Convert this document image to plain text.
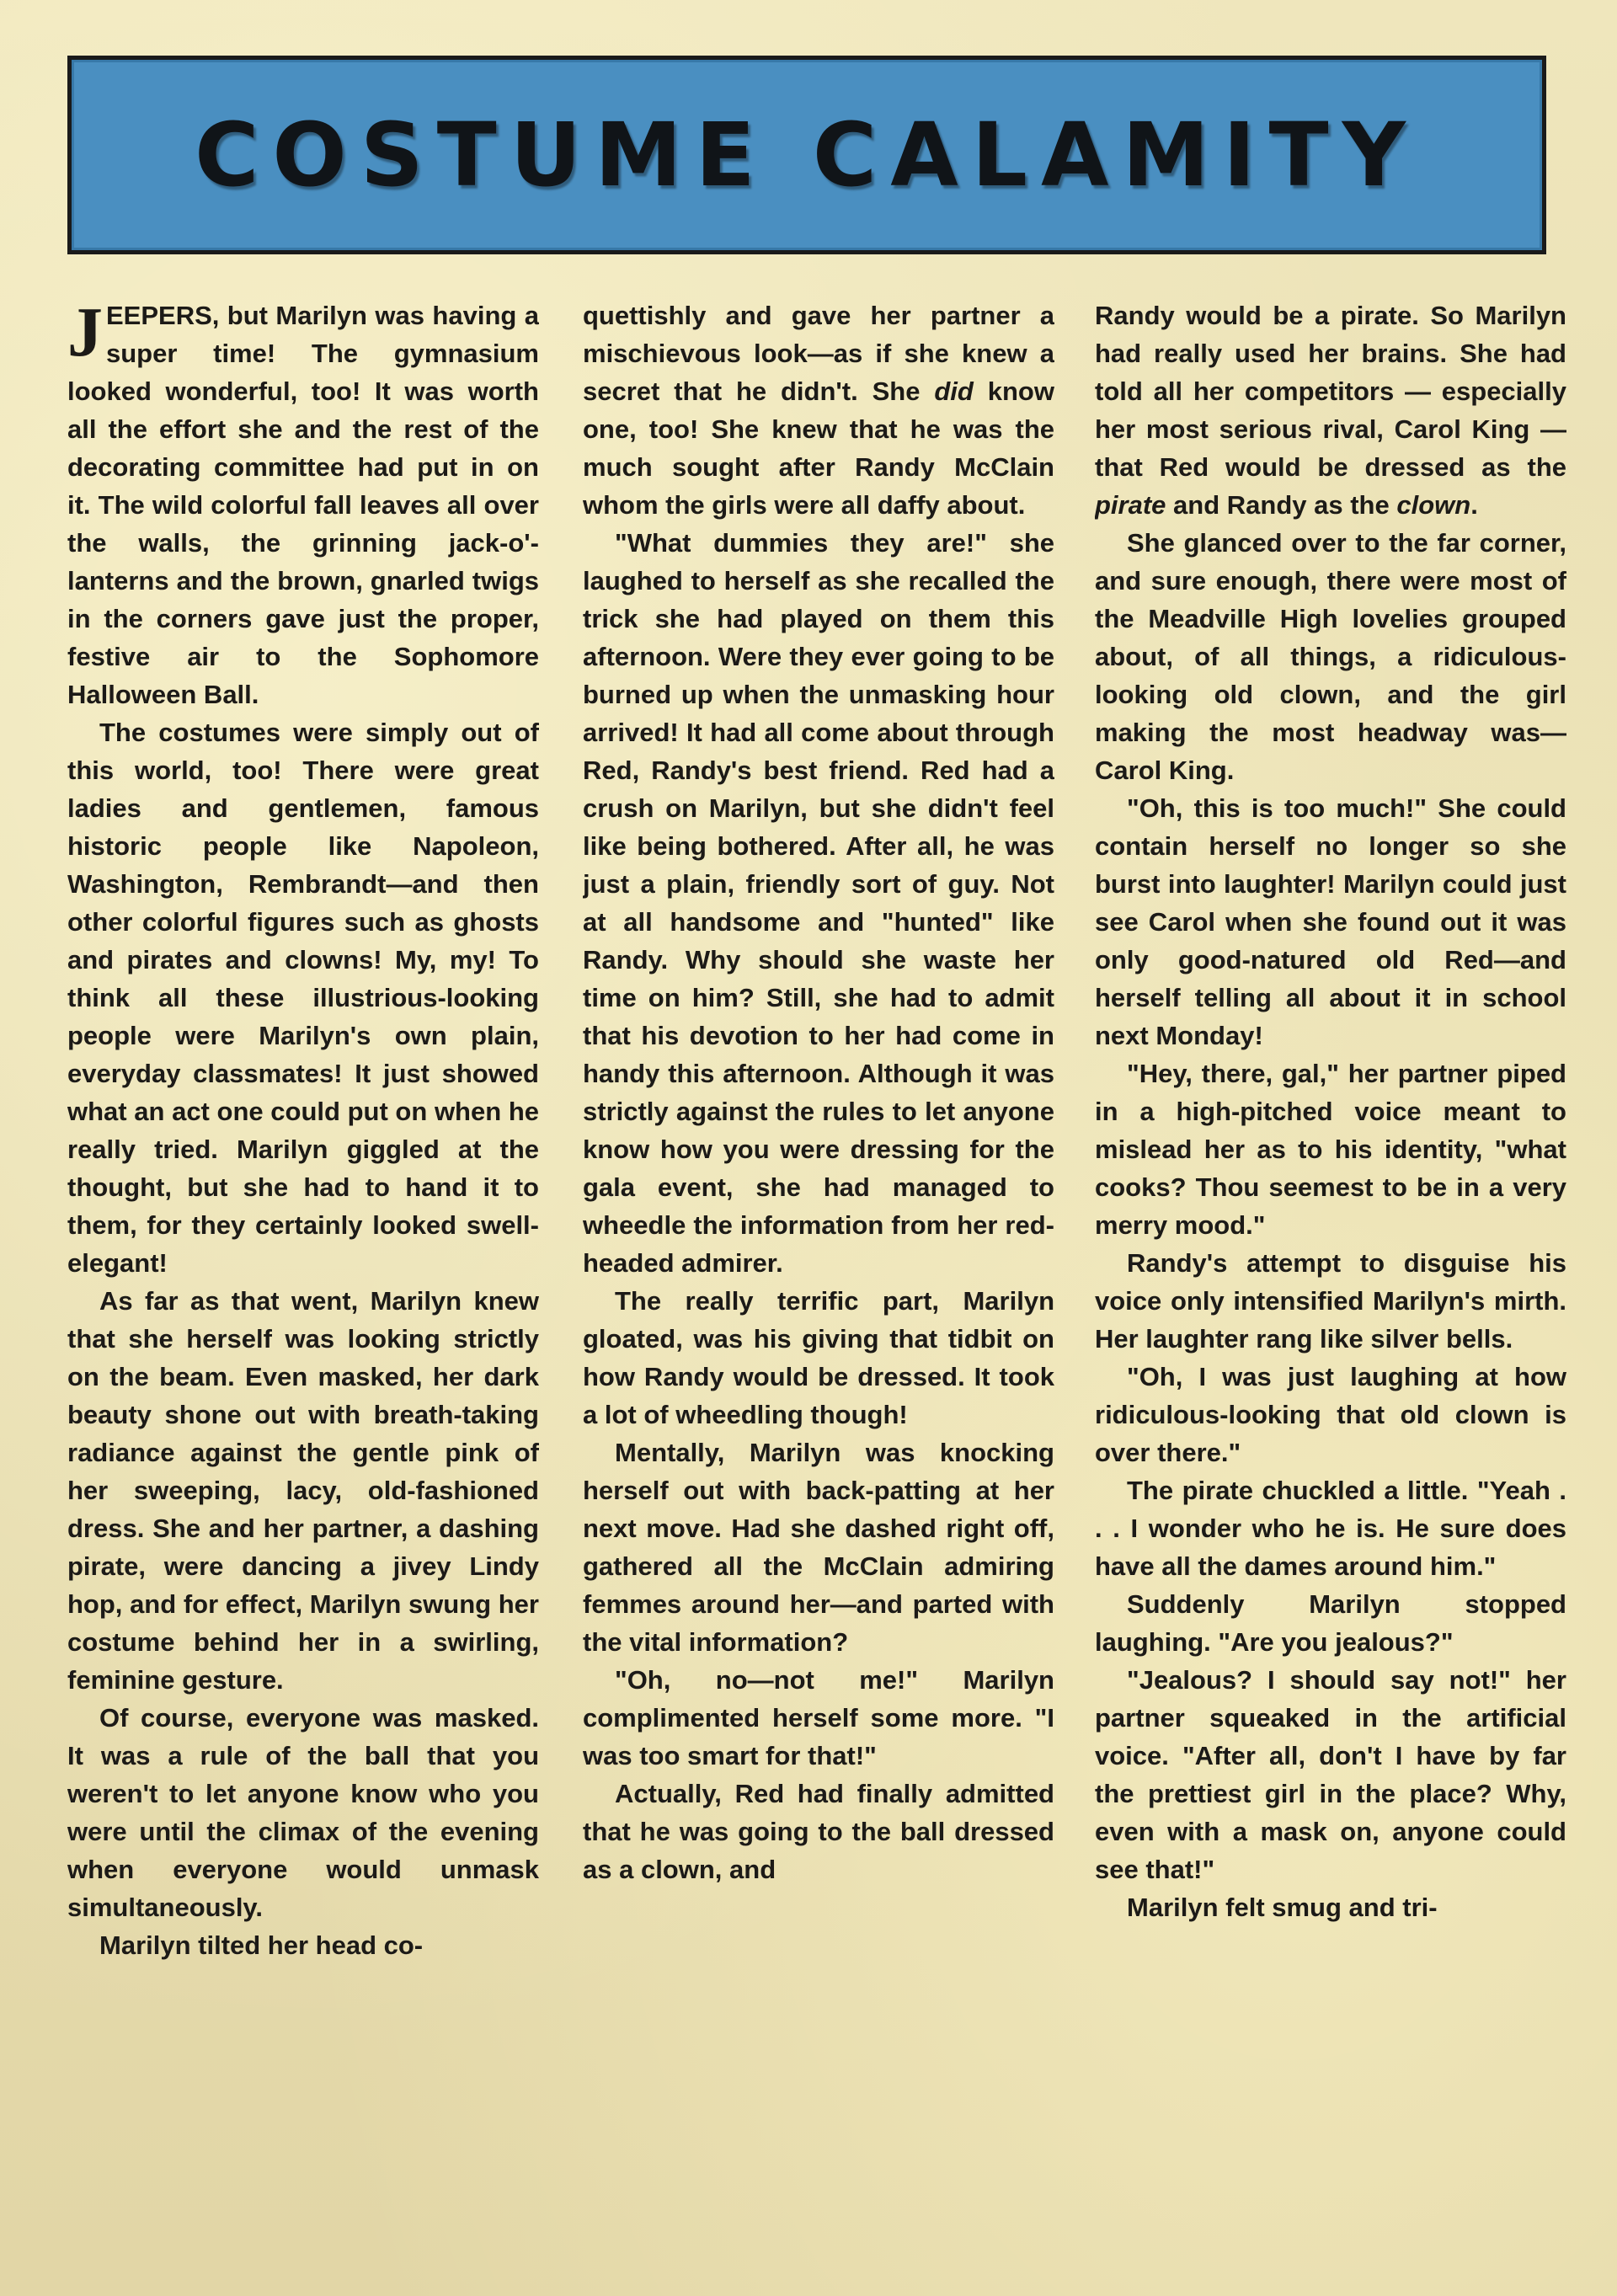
COSTUME CALAMITY

JEEPERS, but Marilyn was having a super time! The gymnasium looked wonderful, too! It was worth all the effort she and the rest of the decorating committee had put in on it. The wild colorful fall leaves all over the walls, the grinning jack-o'-lanterns and the brown, gnarled twigs in the corners gave just the proper, festive air to the Sophomore Halloween Ball.

The costumes were simply out of this world, too! There were great ladies and gentlemen, famous historic people like Napoleon, Washington, Rembrandt—and then other colorful figures such as ghosts and pirates and clowns! My, my! To think all these illustrious-looking people were Marilyn's own plain, everyday classmates! It just showed what an act one could put on when he really tried. Marilyn giggled at the thought, but she had to hand it to them, for they certainly looked swell-elegant!

As far as that went, Marilyn knew that she herself was looking strictly on the beam. Even masked, her dark beauty shone out with breath-taking radiance against the gentle pink of her sweeping, lacy, old-fashioned dress. She and her partner, a dashing pirate, were dancing a jivey Lindy hop, and for effect, Marilyn swung her costume behind her in a swirling, feminine gesture.

Of course, everyone was masked. It was a rule of the ball that you weren't to let anyone know who you were until the climax of the evening when everyone would unmask simultaneously.

Marilyn tilted her head co-

quettishly and gave her partner a mischievous look—as if she knew a secret that he didn't. She did know one, too! She knew that he was the much sought after Randy McClain whom the girls were all daffy about.

"What dummies they are!" she laughed to herself as she recalled the trick she had played on them this afternoon. Were they ever going to be burned up when the unmasking hour arrived! It had all come about through Red, Randy's best friend. Red had a crush on Marilyn, but she didn't feel like being bothered. After all, he was just a plain, friendly sort of guy. Not at all handsome and "hunted" like Randy. Why should she waste her time on him? Still, she had to admit that his devotion to her had come in handy this afternoon. Although it was strictly against the rules to let anyone know how you were dressing for the gala event, she had managed to wheedle the information from her red-headed admirer.

The really terrific part, Marilyn gloated, was his giving that tidbit on how Randy would be dressed. It took a lot of wheedling though!

Mentally, Marilyn was knocking herself out with back-patting at her next move. Had she dashed right off, gathered all the McClain admiring femmes around her—and parted with the vital information?

"Oh, no—not me!" Marilyn complimented herself some more. "I was too smart for that!"

Actually, Red had finally admitted that he was going to the ball dressed as a clown, and

Randy would be a pirate. So Marilyn had really used her brains. She had told all her competitors — especially her most serious rival, Carol King —that Red would be dressed as the pirate and Randy as the clown.

She glanced over to the far corner, and sure enough, there were most of the Meadville High lovelies grouped about, of all things, a ridiculous-looking old clown, and the girl making the most headway was—Carol King.

"Oh, this is too much!" She could contain herself no longer so she burst into laughter! Marilyn could just see Carol when she found out it was only good-natured old Red—and herself telling all about it in school next Monday!

"Hey, there, gal," her partner piped in a high-pitched voice meant to mislead her as to his identity, "what cooks? Thou seemest to be in a very merry mood."

Randy's attempt to disguise his voice only intensified Marilyn's mirth. Her laughter rang like silver bells.

"Oh, I was just laughing at how ridiculous-looking that old clown is over there."

The pirate chuckled a little. "Yeah . . . I wonder who he is. He sure does have all the dames around him."

Suddenly Marilyn stopped laughing. "Are you jealous?"

"Jealous? I should say not!" her partner squeaked in the artificial voice. "After all, don't I have by far the prettiest girl in the place? Why, even with a mask on, anyone could see that!"

Marilyn felt smug and tri-
